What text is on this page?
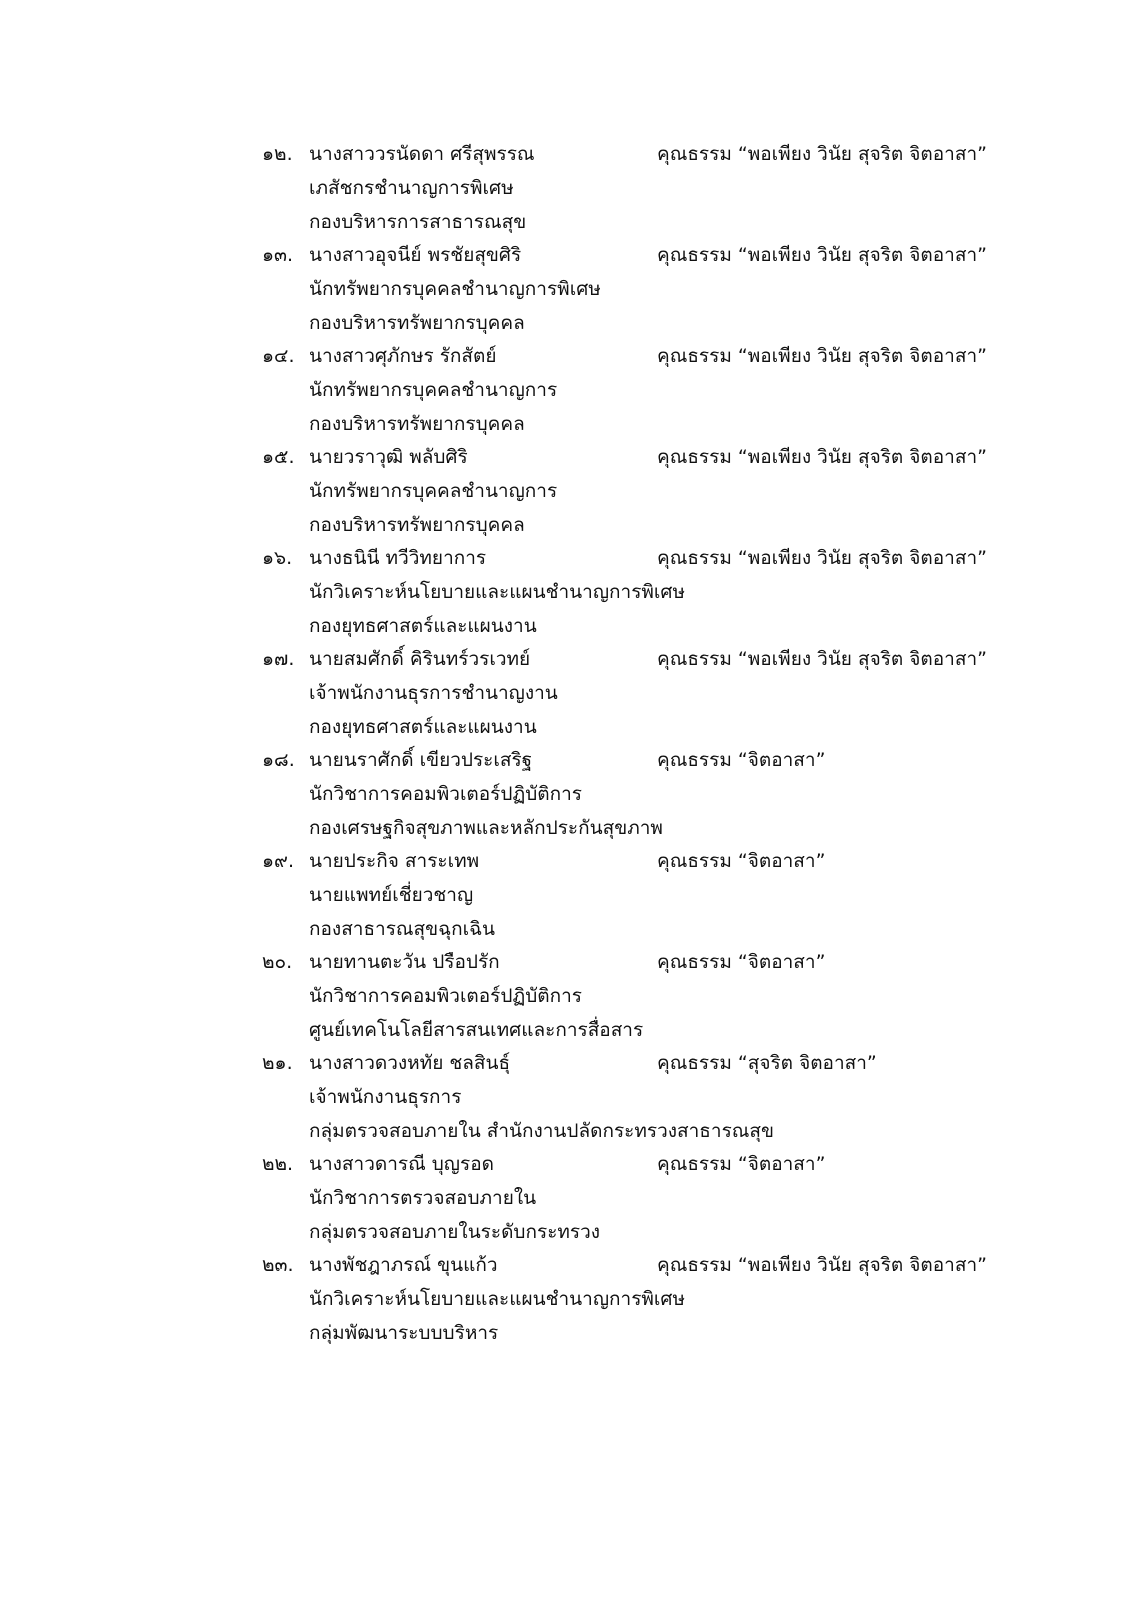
๑๒. นางสาววรนัดดา ศรีสุพรรณ	คุณธรรม “พอเพียง วินัย สุจริต จิตอาสา”
เภสัชกรชำนาญการพิเศษ
กองบริหารการสาธารณสุข
๑๓. นางสาวอุจนีย์ พรชัยสุขศิริ	คุณธรรม “พอเพียง วินัย สุจริต จิตอาสา”
นักทรัพยากรบุคคลชำนาญการพิเศษ
กองบริหารทรัพยากรบุคคล
๑๔. นางสาวศุภักษร รักสัตย์	คุณธรรม “พอเพียง วินัย สุจริต จิตอาสา”
นักทรัพยากรบุคคลชำนาญการ
กองบริหารทรัพยากรบุคคล
๑๕. นายวราวุฒิ พลับศิริ	คุณธรรม “พอเพียง วินัย สุจริต จิตอาสา”
นักทรัพยากรบุคคลชำนาญการ
กองบริหารทรัพยากรบุคคล
๑๖. นางธนินี ทวีวิทยาการ	คุณธรรม “พอเพียง วินัย สุจริต จิตอาสา”
นักวิเคราะห์นโยบายและแผนชำนาญการพิเศษ
กองยุทธศาสตร์และแผนงาน
๑๗. นายสมศักดิ์ คิรินทร์วรเวทย์	คุณธรรม “พอเพียง วินัย สุจริต จิตอาสา”
เจ้าพนักงานธุรการชำนาญงาน
กองยุทธศาสตร์และแผนงาน
๑๘. นายนราศักดิ์ เขียวประเสริฐ	คุณธรรม “จิตอาสา”
นักวิชาการคอมพิวเตอร์ปฏิบัติการ
กองเศรษฐกิจสุขภาพและหลักประกันสุขภาพ
๑๙. นายประกิจ สาระเทพ	คุณธรรม “จิตอาสา”
นายแพทย์เชี่ยวชาญ
กองสาธารณสุขฉุกเฉิน
๒๐. นายทานตะวัน ปรือปรัก	คุณธรรม “จิตอาสา”
นักวิชาการคอมพิวเตอร์ปฏิบัติการ
ศูนย์เทคโนโลยีสารสนเทศและการสื่อสาร
๒๑. นางสาวดวงหทัย ชลสินธุ์	คุณธรรม “สุจริต จิตอาสา”
เจ้าพนักงานธุรการ
กลุ่มตรวจสอบภายใน สำนักงานปลัดกระทรวงสาธารณสุข
๒๒. นางสาวดารณี บุญรอด	คุณธรรม “จิตอาสา”
นักวิชาการตรวจสอบภายใน
กลุ่มตรวจสอบภายในระดับกระทรวง
๒๓. นางพัชฎาภรณ์ ขุนแก้ว	คุณธรรม “พอเพียง วินัย สุจริต จิตอาสา”
นักวิเคราะห์นโยบายและแผนชำนาญการพิเศษ
กลุ่มพัฒนาระบบบริหาร
